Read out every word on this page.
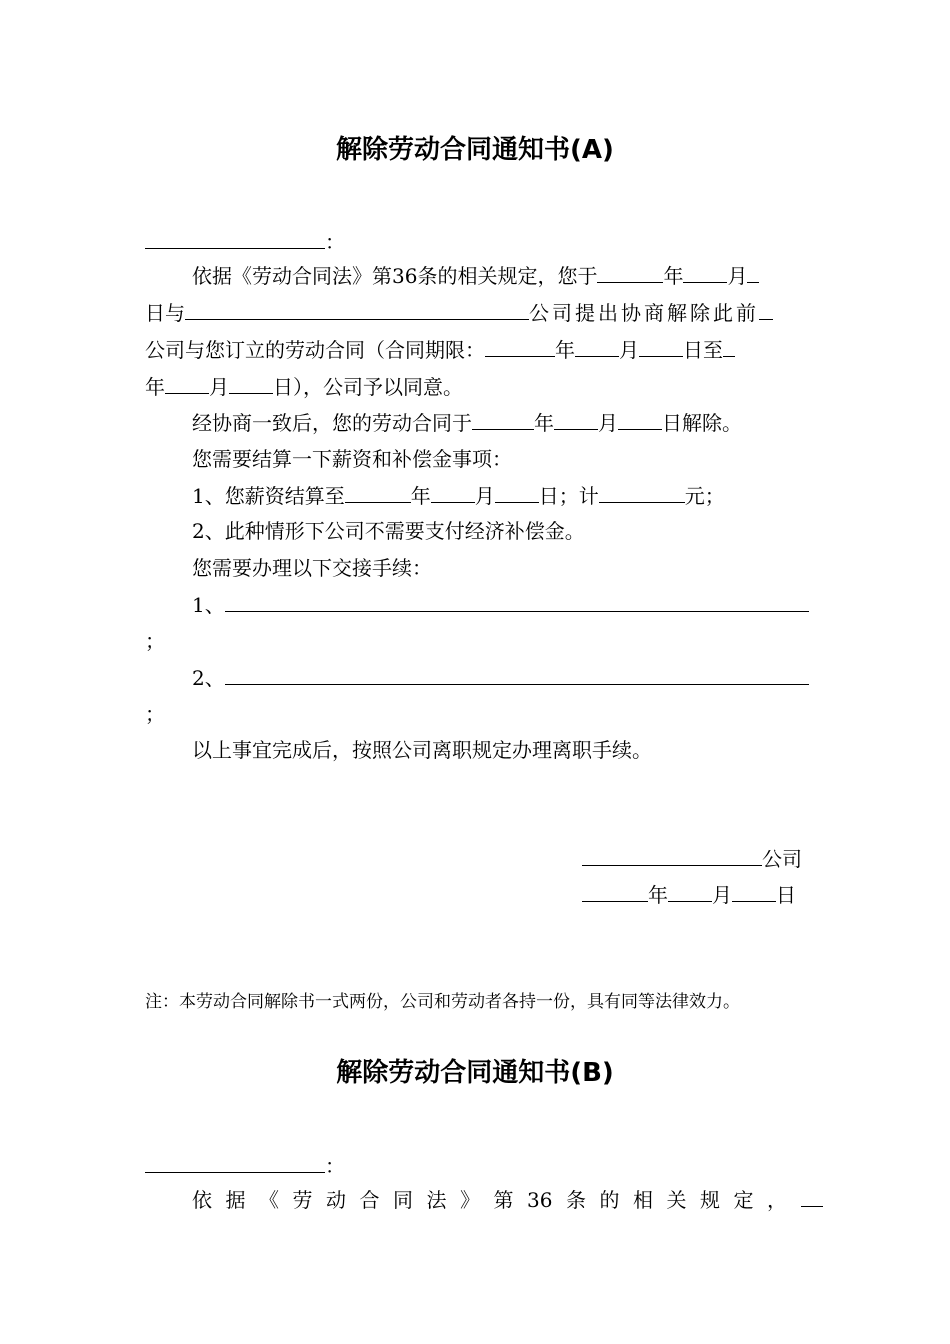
解除劳动合同通知书(A)
：
依据《劳动合同法》第36条的相关规定，您于	年 月
日与	公司提出协商解除此前
公司与您订立的劳动合同（合同期限：	年 月 日至
年 月 日），公司予以同意。
经协商一致后，您的劳动合同于	年 月 日解除。
您需要结算一下薪资和补偿金事项：
1、您薪资结算至	年 月 日；计	元；
2、此种情形下公司不需要支付经济补偿金。
您需要办理以下交接手续：
1、
；
2、
；
以上事宜完成后，按照公司离职规定办理离职手续。
公司
年 月 日
注：本劳动合同解除书一式两份，公司和劳动者各持一份，具有同等法律效力。
解除劳动合同通知书(B)
：
依 据 《 劳 动 合 同 法 》 第 36 条 的 相 关 规 定 ，
